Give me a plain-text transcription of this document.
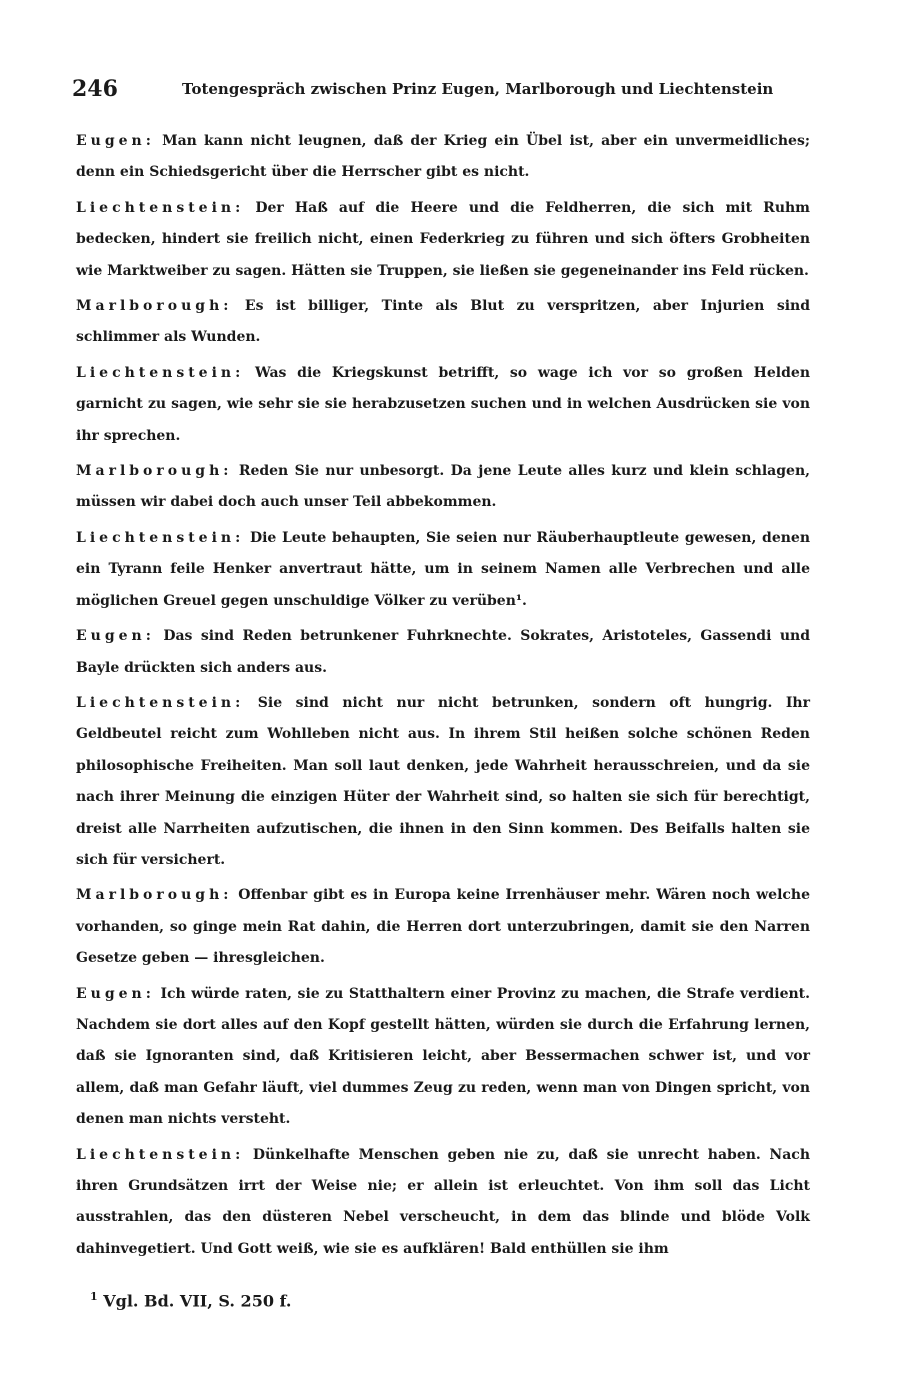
246	Totengespräch zwischen Prinz Eugen, Marlborough und Liechtenstein

Eugen: Man kann nicht leugnen, daß der Krieg ein Übel ist, aber ein unvermeidliches; denn ein Schiedsgericht über die Herrscher gibt es nicht.

Liechtenstein: Der Haß auf die Heere und die Feldherren, die sich mit Ruhm bedecken, hindert sie freilich nicht, einen Federkrieg zu führen und sich öfters Grobheiten wie Marktweiber zu sagen. Hätten sie Truppen, sie ließen sie gegeneinander ins Feld rücken.

Marlborough: Es ist billiger, Tinte als Blut zu verspritzen, aber Injurien sind schlimmer als Wunden.

Liechtenstein: Was die Kriegskunst betrifft, so wage ich vor so großen Helden garnicht zu sagen, wie sehr sie sie herabzusetzen suchen und in welchen Ausdrücken sie von ihr sprechen.

Marlborough: Reden Sie nur unbesorgt. Da jene Leute alles kurz und klein schlagen, müssen wir dabei doch auch unser Teil abbekommen.

Liechtenstein: Die Leute behaupten, Sie seien nur Räuberhauptleute gewesen, denen ein Tyrann feile Henker anvertraut hätte, um in seinem Namen alle Verbrechen und alle möglichen Greuel gegen unschuldige Völker zu verüben¹.

Eugen: Das sind Reden betrunkener Fuhrknechte. Sokrates, Aristoteles, Gassendi und Bayle drückten sich anders aus.

Liechtenstein: Sie sind nicht nur nicht betrunken, sondern oft hungrig. Ihr Geldbeutel reicht zum Wohlleben nicht aus. In ihrem Stil heißen solche schönen Reden philosophische Freiheiten. Man soll laut denken, jede Wahrheit herausschreien, und da sie nach ihrer Meinung die einzigen Hüter der Wahrheit sind, so halten sie sich für berechtigt, dreist alle Narrheiten aufzutischen, die ihnen in den Sinn kommen. Des Beifalls halten sie sich für versichert.

Marlborough: Offenbar gibt es in Europa keine Irrenhäuser mehr. Wären noch welche vorhanden, so ginge mein Rat dahin, die Herren dort unterzubringen, damit sie den Narren Gesetze geben — ihresgleichen.

Eugen: Ich würde raten, sie zu Statthaltern einer Provinz zu machen, die Strafe verdient. Nachdem sie dort alles auf den Kopf gestellt hätten, würden sie durch die Erfahrung lernen, daß sie Ignoranten sind, daß Kritisieren leicht, aber Bessermachen schwer ist, und vor allem, daß man Gefahr läuft, viel dummes Zeug zu reden, wenn man von Dingen spricht, von denen man nichts versteht.

Liechtenstein: Dünkelhafte Menschen geben nie zu, daß sie unrecht haben. Nach ihren Grundsätzen irrt der Weise nie; er allein ist erleuchtet. Von ihm soll das Licht ausstrahlen, das den düsteren Nebel verscheucht, in dem das blinde und blöde Volk dahinvegetiert. Und Gott weiß, wie sie es aufklären! Bald enthüllen sie ihm

$^1$ Vgl. Bd. VII, S. 250 f.
